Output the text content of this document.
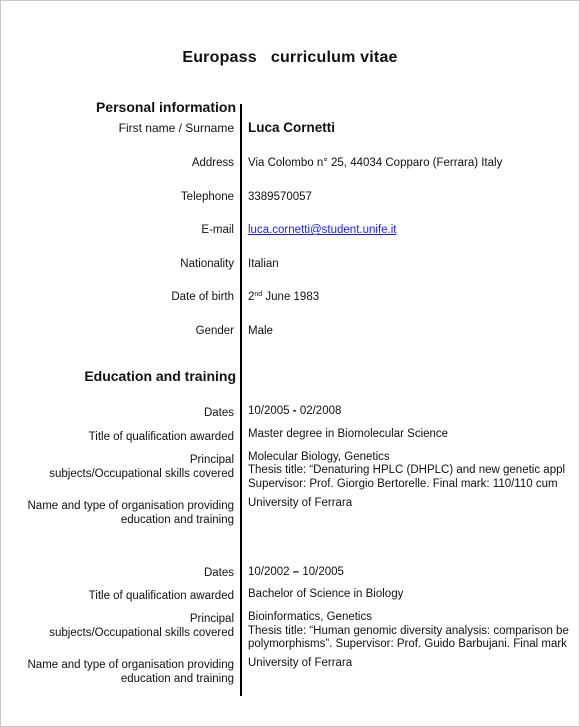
Europass curriculum vitae
Personal information
First name / Surname Luca Cornetti
Address Via Colombo n° 25, 44034 Copparo (Ferrara) Italy
Telephone 3389570057
E-mail luca.cornetti@student.unife.it
Nationality Italian
Date of birth 2nd June 1983
Gender Male
Education and training
Dates 10/2005 - 02/2008
Title of qualification awarded Master degree in Biomolecular Science
Principal
subjects/Occupational skills covered
Molecular Biology, Genetics
Thesis title: “Denaturing HPLC (DHPLC) and new genetic appl
Supervisor: Prof. Giorgio Bertorelle. Final mark: 110/110 cum
Name and type of organisation providing
education and training
University of Ferrara
Dates 10/2002 – 10/2005
Title of qualification awarded Bachelor of Science in Biology
Principal
subjects/Occupational skills covered
Bioinformatics, Genetics
Thesis title: “Human genomic diversity analysis: comparison be
polymorphisms”. Supervisor: Prof. Guido Barbujani. Final mark
Name and type of organisation providing
education and training
University of Ferrara
